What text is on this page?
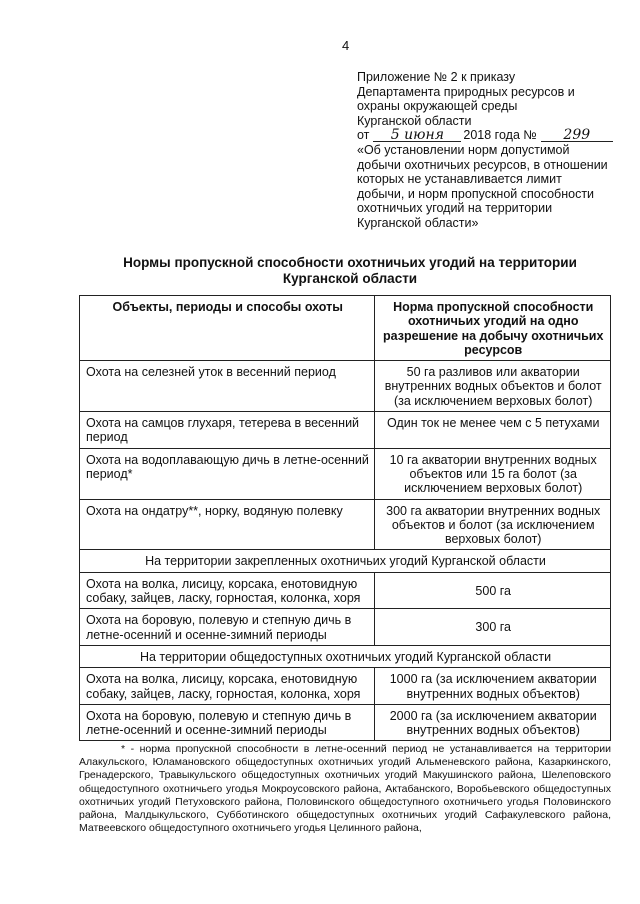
4
Приложение № 2 к приказу
Департамента природных ресурсов и
охраны окружающей среды
Курганской области
от 5 июня 2018 года № 299
«Об установлении норм допустимой
добычи охотничьих ресурсов, в отношении
которых не устанавливается лимит
добычи, и норм пропускной способности
охотничьих угодий на территории
Курганской области»
Нормы пропускной способности охотничьих угодий на территории
Курганской области
Объекты, периоды и способы охоты	Норма пропускной способности охотничьих угодий на одно разрешение на добычу охотничьих ресурсов
Охота на селезней уток в весенний период	50 га разливов или акватории внутренних водных объектов и болот (за исключением верховых болот)
Охота на самцов глухаря, тетерева в весенний период	Один ток не менее чем с 5 петухами
Охота на водоплавающую дичь в летне-осенний период*	10 га акватории внутренних водных объектов или 15 га болот (за исключением верховых болот)
Охота на ондатру**, норку, водяную полевку	300 га акватории внутренних водных объектов и болот (за исключением верховых болот)
На территории закрепленных охотничьих угодий Курганской области	
Охота на волка, лисицу, корсака, енотовидную собаку, зайцев, ласку, горностая, колонка, хоря	500 га
Охота на боровую, полевую и степную дичь в летне-осенний и осенне-зимний периоды	300 га
На территории общедоступных охотничьих угодий Курганской области	
Охота на волка, лисицу, корсака, енотовидную собаку, зайцев, ласку, горностая, колонка, хоря	1000 га (за исключением акватории внутренних водных объектов)
Охота на боровую, полевую и степную дичь в летне-осенний и осенне-зимний периоды	2000 га (за исключением акватории внутренних водных объектов)
* - норма пропускной способности в летне-осенний период не устанавливается на территории Алакульского, Юламановского общедоступных охотничьих угодий Альменевского района, Казаркинского, Гренадерского, Травыкульского общедоступных охотничьих угодий Макушинского района, Шелеповского общедоступного охотничьего угодья Мокроусовского района, Актабанского, Воробьевского общедоступных охотничьих угодий Петуховского района, Половинского общедоступного охотничьего угодья Половинского района, Малдыкульского, Субботинского общедоступных охотничьих угодий Сафакулевского района, Матвеевского общедоступного охотничьего угодья Целинного района,
